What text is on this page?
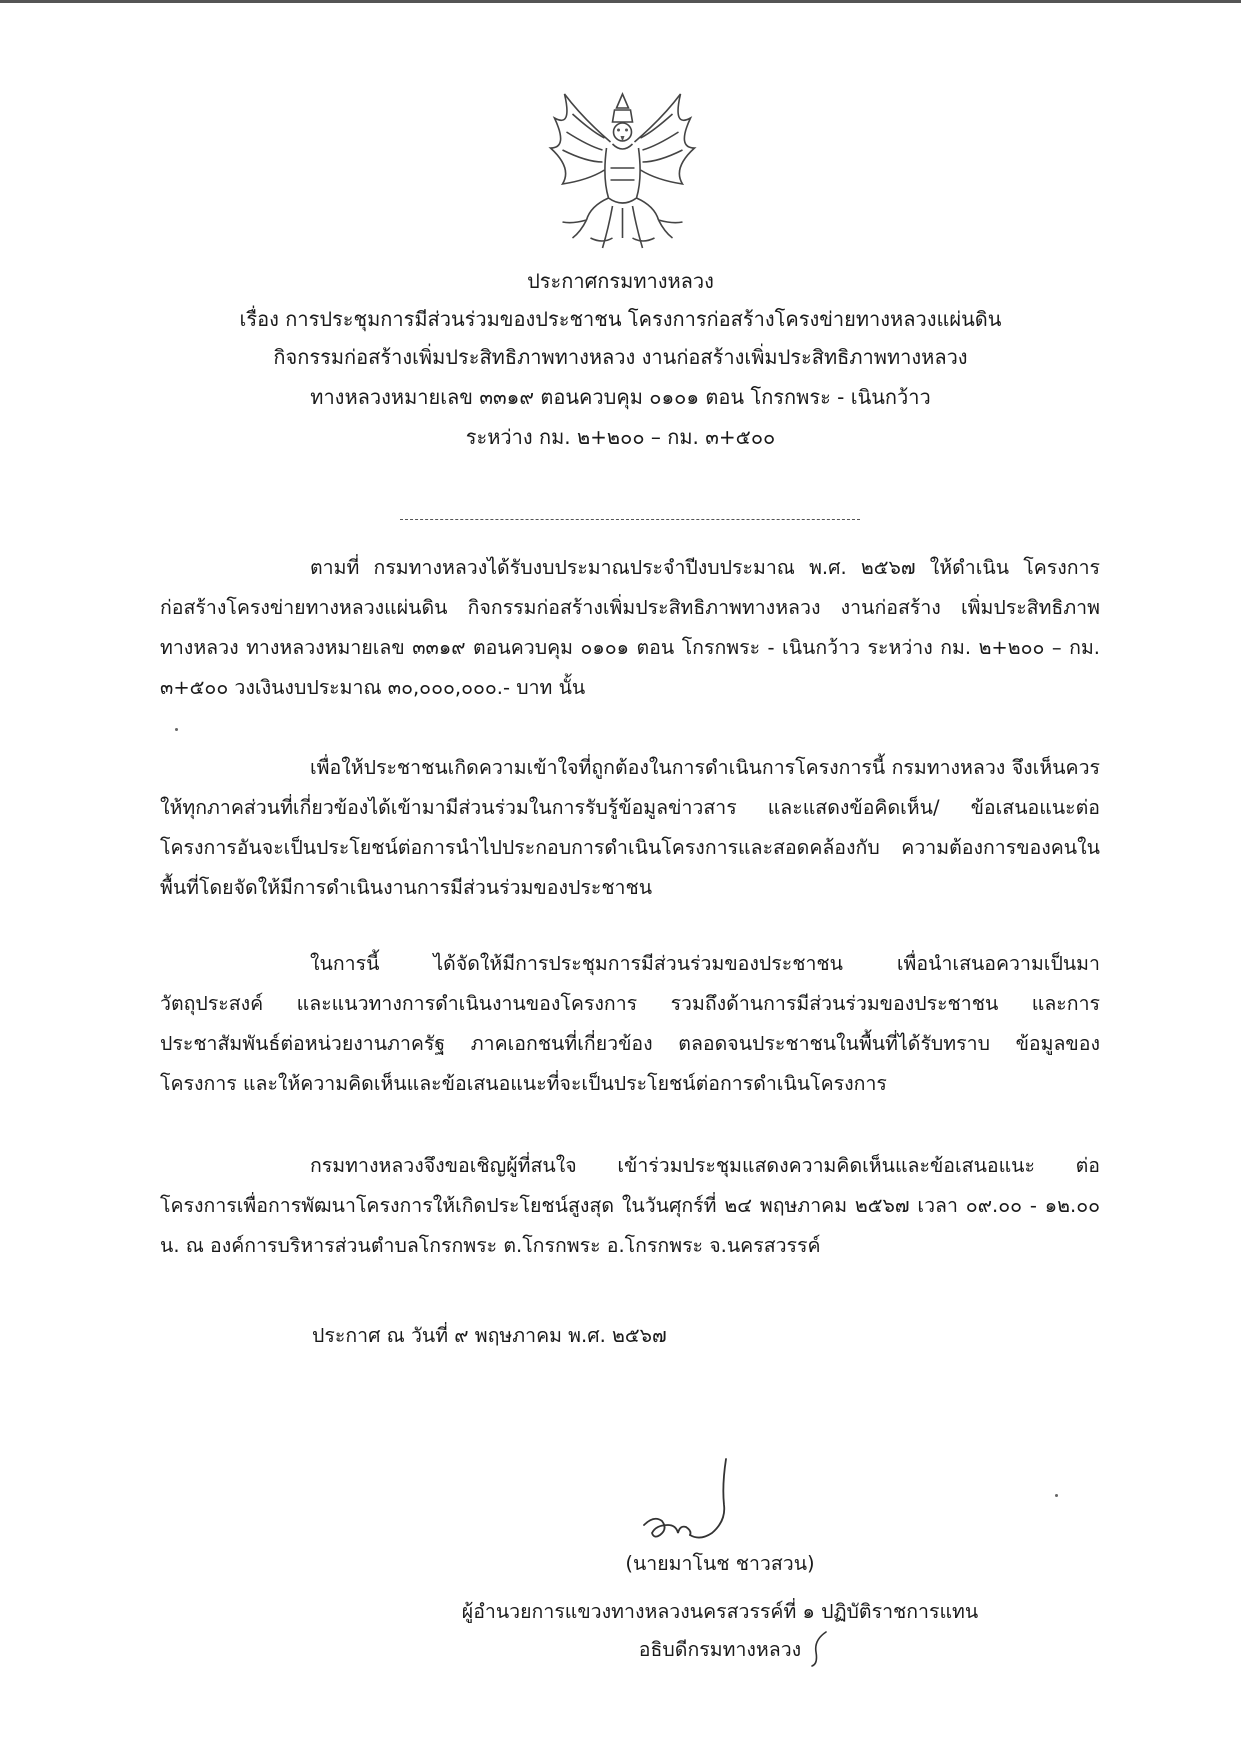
ประกาศกรมทางหลวง
เรื่อง การประชุมการมีส่วนร่วมของประชาชน โครงการก่อสร้างโครงข่ายทางหลวงแผ่นดิน
กิจกรรมก่อสร้างเพิ่มประสิทธิภาพทางหลวง งานก่อสร้างเพิ่มประสิทธิภาพทางหลวง
ทางหลวงหมายเลข ๓๓๑๙ ตอนควบคุม ๐๑๐๑ ตอน โกรกพระ - เนินกว้าว
ระหว่าง กม. ๒+๒๐๐ – กม. ๓+๕๐๐
ตามที่ กรมทางหลวงได้รับงบประมาณประจำปีงบประมาณ พ.ศ. ๒๕๖๗ ให้ดำเนิน โครงการก่อสร้างโครงข่ายทางหลวงแผ่นดิน กิจกรรมก่อสร้างเพิ่มประสิทธิภาพทางหลวง งานก่อสร้าง เพิ่มประสิทธิภาพทางหลวง ทางหลวงหมายเลข ๓๓๑๙ ตอนควบคุม ๐๑๐๑ ตอน โกรกพระ - เนินกว้าว ระหว่าง กม. ๒+๒๐๐ – กม. ๓+๕๐๐ วงเงินงบประมาณ ๓๐,๐๐๐,๐๐๐.- บาท นั้น
เพื่อให้ประชาชนเกิดความเข้าใจที่ถูกต้องในการดำเนินการโครงการนี้ กรมทางหลวง จึงเห็นควรให้ทุกภาคส่วนที่เกี่ยวข้องได้เข้ามามีส่วนร่วมในการรับรู้ข้อมูลข่าวสาร และแสดงข้อคิดเห็น/ ข้อเสนอแนะต่อโครงการอันจะเป็นประโยชน์ต่อการนำไปประกอบการดำเนินโครงการและสอดคล้องกับ ความต้องการของคนในพื้นที่โดยจัดให้มีการดำเนินงานการมีส่วนร่วมของประชาชน
ในการนี้ ได้จัดให้มีการประชุมการมีส่วนร่วมของประชาชน เพื่อนำเสนอความเป็นมา วัตถุประสงค์ และแนวทางการดำเนินงานของโครงการ รวมถึงด้านการมีส่วนร่วมของประชาชน และการประชาสัมพันธ์ต่อหน่วยงานภาครัฐ ภาคเอกชนที่เกี่ยวข้อง ตลอดจนประชาชนในพื้นที่ได้รับทราบ ข้อมูลของโครงการ และให้ความคิดเห็นและข้อเสนอแนะที่จะเป็นประโยชน์ต่อการดำเนินโครงการ
กรมทางหลวงจึงขอเชิญผู้ที่สนใจ เข้าร่วมประชุมแสดงความคิดเห็นและข้อเสนอแนะ ต่อโครงการเพื่อการพัฒนาโครงการให้เกิดประโยชน์สูงสุด ในวันศุกร์ที่ ๒๔ พฤษภาคม ๒๕๖๗ เวลา ๐๙.๐๐ - ๑๒.๐๐ น. ณ องค์การบริหารส่วนตำบลโกรกพระ ต.โกรกพระ อ.โกรกพระ จ.นครสวรรค์
ประกาศ ณ วันที่ ๙ พฤษภาคม พ.ศ. ๒๕๖๗
(นายมาโนช ชาวสวน)
ผู้อำนวยการแขวงทางหลวงนครสวรรค์ที่ ๑ ปฏิบัติราชการแทน
อธิบดีกรมทางหลวง
